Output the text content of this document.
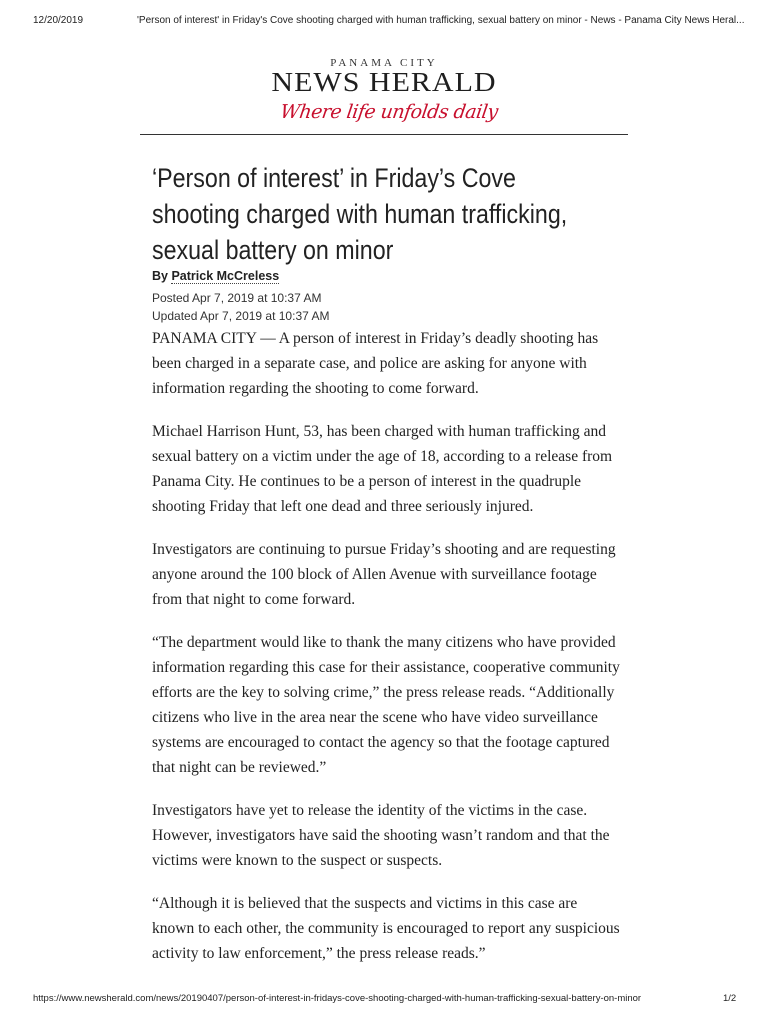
12/20/2019	'Person of interest' in Friday's Cove shooting charged with human trafficking, sexual battery on minor - News - Panama City News Heral...
PANAMA CITY
NEWS HERALD
Where life unfolds daily
‘Person of interest’ in Friday’s Cove shooting charged with human trafficking, sexual battery on minor
By Patrick McCreless
Posted Apr 7, 2019 at 10:37 AM
Updated Apr 7, 2019 at 10:37 AM

PANAMA CITY — A person of interest in Friday’s deadly shooting has been charged in a separate case, and police are asking for anyone with information regarding the shooting to come forward.

Michael Harrison Hunt, 53, has been charged with human trafficking and sexual battery on a victim under the age of 18, according to a release from Panama City. He continues to be a person of interest in the quadruple shooting Friday that left one dead and three seriously injured.

Investigators are continuing to pursue Friday’s shooting and are requesting anyone around the 100 block of Allen Avenue with surveillance footage from that night to come forward.

“The department would like to thank the many citizens who have provided information regarding this case for their assistance, cooperative community efforts are the key to solving crime,” the press release reads. “Additionally citizens who live in the area near the scene who have video surveillance systems are encouraged to contact the agency so that the footage captured that night can be reviewed.”

Investigators have yet to release the identity of the victims in the case. However, investigators have said the shooting wasn’t random and that the victims were known to the suspect or suspects.

“Although it is believed that the suspects and victims in this case are known to each other, the community is encouraged to report any suspicious activity to law enforcement,” the press release reads.”

https://www.newsherald.com/news/20190407/person-of-interest-in-fridays-cove-shooting-charged-with-human-trafficking-sexual-battery-on-minor	1/2
